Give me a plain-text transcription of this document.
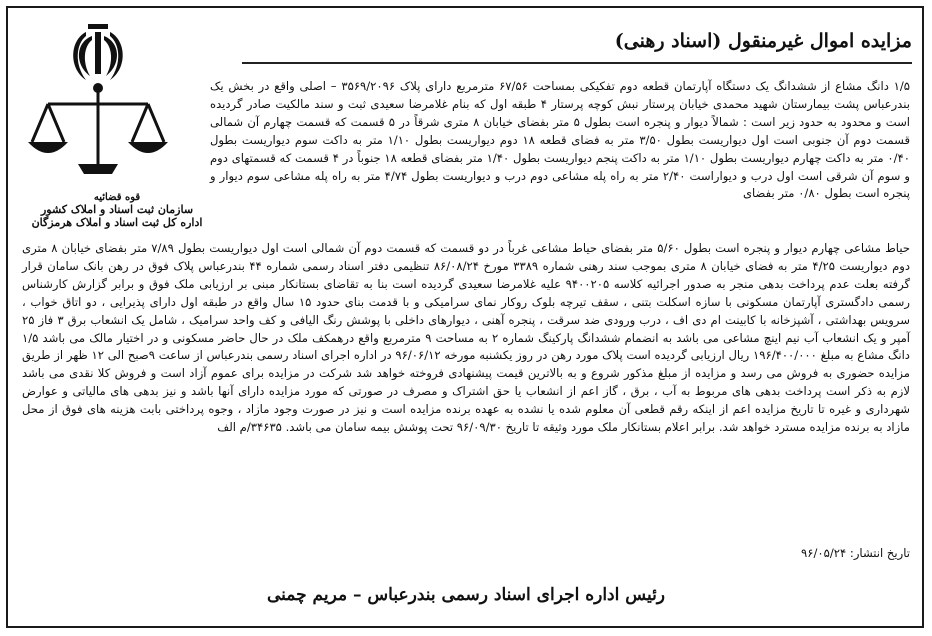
مزایده اموال غیرمنقول (اسناد رهنی)
قوه قضائیه
سازمان ثبت اسناد و املاک کشور
اداره کل ثبت اسناد و املاک هرمزگان

۱/۵ دانگ مشاع از ششدانگ یک دستگاه آپارتمان قطعه دوم تفکیکی بمساحت ۶۷/۵۶ مترمربع دارای پلاک ۳۵۶۹/۲۰۹۶ – اصلی واقع در بخش یک بندرعباس پشت بیمارستان شهید محمدی خیابان پرستار نبش کوچه پرستار ۴ طبقه اول که بنام غلامرضا سعیدی ثبت و سند مالکیت صادر گردیده است و محدود به حدود زیر است : شمالاً دیوار و پنجره است بطول ۵ متر بفضای خیابان ۸ متری شرقاً در ۵ قسمت که قسمت چهارم آن شمالی قسمت دوم آن جنوبی است اول دیواریست بطول ۳/۵۰ متر به فضای قطعه ۱۸ دوم دیواریست بطول ۱/۱۰ متر به داکت سوم دیواریست بطول ۰/۴۰ متر به داکت چهارم دیواریست بطول ۱/۱۰ متر به داکت پنجم دیواریست بطول ۱/۴۰ متر بفضای قطعه ۱۸ جنوباً در ۴ قسمت که قسمتهای دوم و سوم آن شرقی است اول درب و دیواراست ۲/۴۰ متر به راه پله مشاعی دوم درب و دیواریست بطول ۴/۷۴ متر به راه پله مشاعی سوم دیوار و پنجره است بطول ۰/۸۰ متر بفضای

حیاط مشاعی چهارم دیوار و پنجره است بطول ۵/۶۰ متر بفضای حیاط مشاعی غرباً در دو قسمت که قسمت دوم آن شمالی است اول دیواریست بطول ۷/۸۹ متر بفضای خیابان ۸ متری دوم دیواریست ۴/۲۵ متر به فضای خیابان ۸ متری بموجب سند رهنی شماره ۳۳۸۹ مورخ ۸۶/۰۸/۲۴ تنظیمی دفتر اسناد رسمی شماره ۴۴ بندرعباس پلاک فوق در رهن بانک سامان قرار گرفته بعلت عدم پرداخت بدهی منجر به صدور اجرائیه کلاسه ۹۴۰۰۲۰۵ علیه غلامرضا سعیدی گردیده است بنا به تقاضای بستانکار مبنی بر ارزیابی ملک فوق و برابر گزارش کارشناس رسمی دادگستری آپارتمان مسکونی با سازه اسکلت بتنی ، سقف تیرچه بلوک روکار نمای سرامیکی و با قدمت بنای حدود ۱۵ سال واقع در طبقه اول دارای پذیرایی ، دو اتاق خواب ، سرویس بهداشتی ، آشپزخانه با کابینت ام دی اف ، درب ورودی ضد سرقت ، پنجره آهنی ، دیوارهای داخلی با پوشش رنگ الیافی و کف واحد سرامیک ، شامل یک انشعاب برق ۳ فاز ۲۵ آمپر و یک انشعاب آب نیم اینچ مشاعی می باشد به انضمام ششدانگ پارکینگ شماره ۲ به مساحت ۹ مترمربع واقع درهمکف ملک در حال حاضر مسکونی و در اختیار مالک می باشد ۱/۵ دانگ مشاع به مبلغ ۱۹۶/۴۰۰/۰۰۰ ریال ارزیابی گردیده است پلاک مورد رهن در روز یکشنبه مورخه ۹۶/۰۶/۱۲ در اداره اجرای اسناد رسمی بندرعباس از ساعت ۹صبح الی ۱۲ ظهر از طریق مزایده حضوری به فروش می رسد و مزایده از مبلغ مذکور شروع و به بالاترین قیمت پیشنهادی فروخته خواهد شد شرکت در مزایده برای عموم آزاد است و فروش کلا نقدی می باشد لازم به ذکر است پرداخت بدهی های مربوط به آب ، برق ، گاز اعم از انشعاب یا حق اشتراک و مصرف در صورتی که مورد مزایده دارای آنها باشد و نیز بدهی های مالیاتی و عوارض شهرداری و غیره تا تاریخ مزایده اعم از اینکه رقم قطعی آن معلوم شده یا نشده به عهده برنده مزایده است و نیز در صورت وجود مازاد ، وجوه پرداختی بابت هزینه های فوق از محل مازاد به برنده مزایده مسترد خواهد شد. برابر اعلام بستانکار ملک مورد وثیقه تا تاریخ ۹۶/۰۹/۳۰ تحت پوشش بیمه سامان می باشد. ۳۴۶۳۵/م الف

تاریخ انتشار: ۹۶/۰۵/۲۴
رئیس اداره اجرای اسناد رسمی بندرعباس – مریم چمنی
